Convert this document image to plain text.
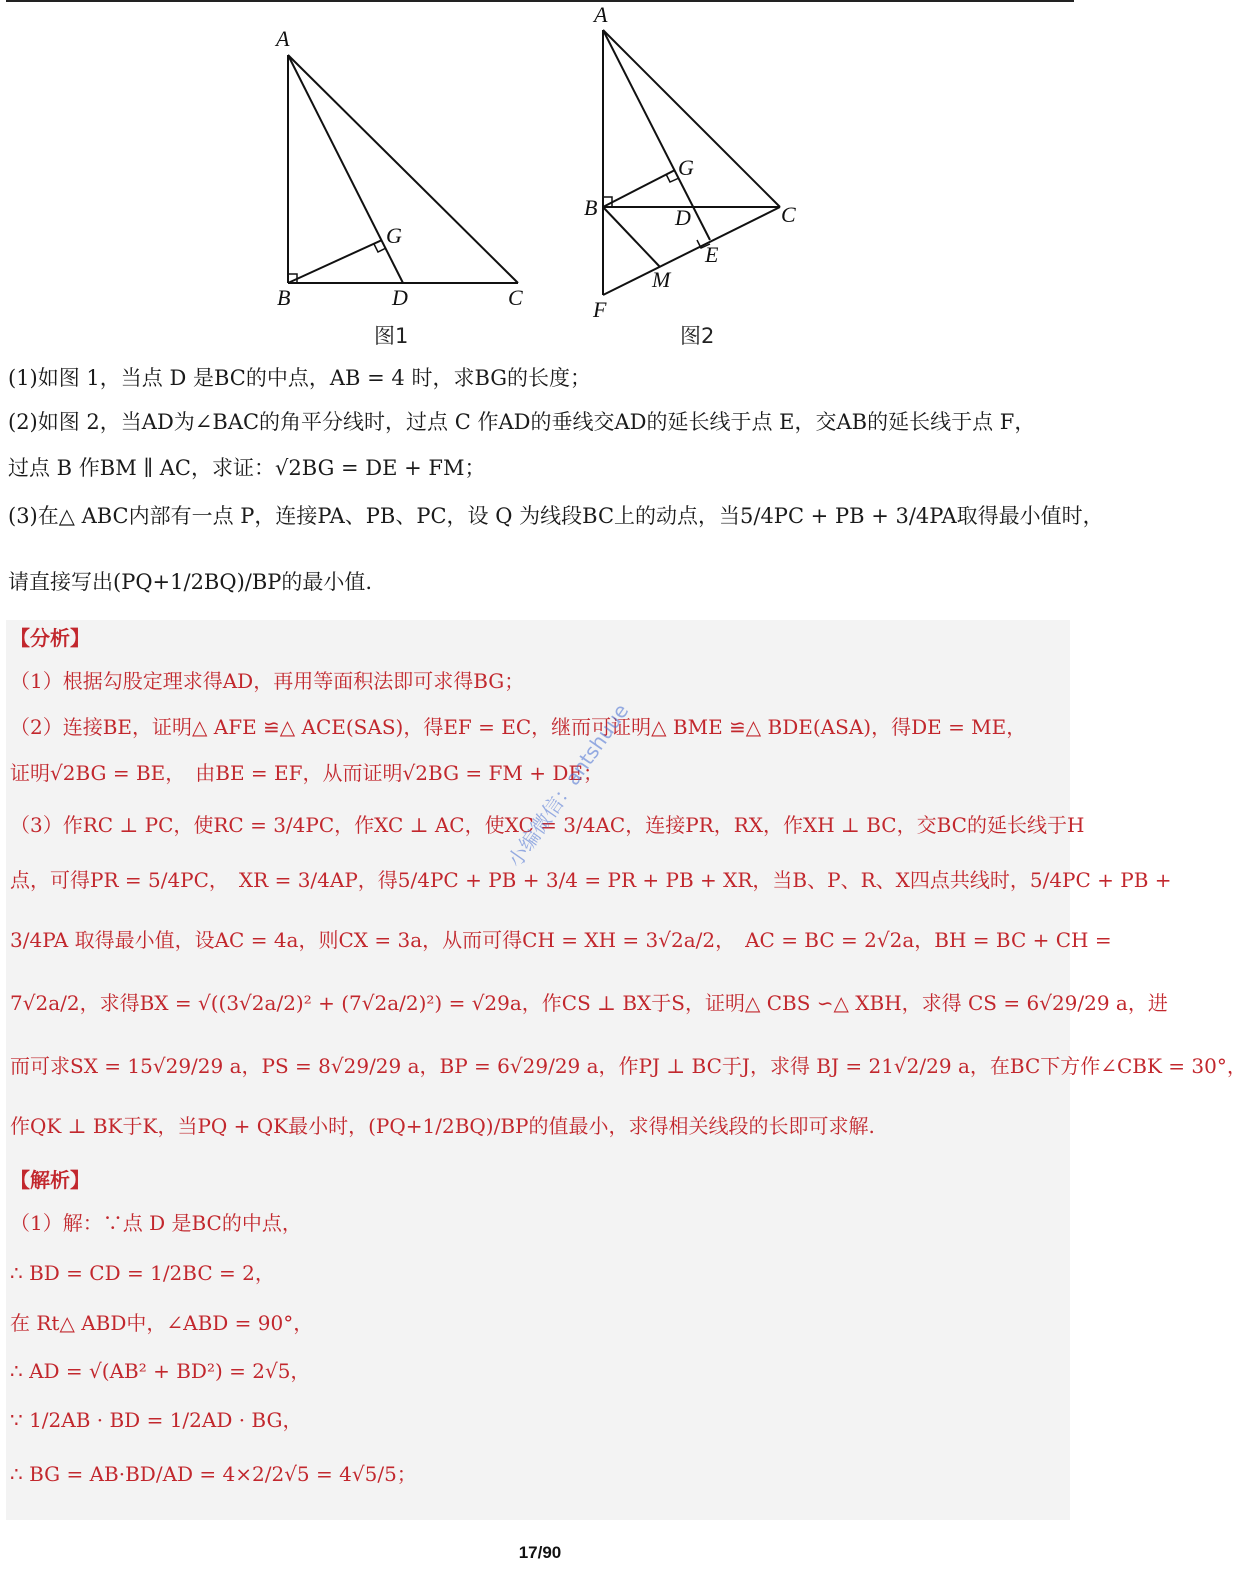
A
B	D	C
G
A
B	C
D
G
E
M
F
图1	图2

(1)如图 1，当点 D 是BC的中点，AB = 4 时，求BG的长度；

(2)如图 2，当AD为∠BAC的角平分线时，过点 C 作AD的垂线交AD的延长线于点 E，交AB的延长线于点 F，

过点 B 作BM ∥ AC，求证：√2BG = DE + FM；

(3)在△ ABC内部有一点 P，连接PA、PB、PC，设 Q 为线段BC上的动点，当5/4PC + PB + 3/4PA取得最小值时，

请直接写出(PQ+1/2BQ)/BP的最小值.

【分析】

（1）根据勾股定理求得AD，再用等面积法即可求得BG；

（2）连接BE，证明△ AFE ≌△ ACE(SAS)，得EF = EC，继而可证明△ BME ≌△ BDE(ASA)，得DE = ME，

证明√2BG = BE，　由BE = EF，从而证明√2BG = FM + DE；

（3）作RC ⊥ PC，使RC = 3/4PC，作XC ⊥ AC，使XC = 3/4AC，连接PR，RX，作XH ⊥ BC，交BC的延长线于H

点，可得PR = 5/4PC，　XR = 3/4AP，得5/4PC + PB + 3/4 = PR + PB + XR，当B、P、R、X四点共线时，5/4PC + PB +

3/4PA 取得最小值，设AC = 4a，则CX = 3a，从而可得CH = XH = 3√2a/2，　AC = BC = 2√2a，BH = BC + CH =

7√2a/2，求得BX = √((3√2a/2)² + (7√2a/2)²) = √29a，作CS ⊥ BX于S，证明△ CBS ∽△ XBH，求得 CS = 6√29/29 a，进

而可求SX = 15√29/29 a，PS = 8√29/29 a，BP = 6√29/29 a，作PJ ⊥ BC于J，求得 BJ = 21√2/29 a，在BC下方作∠CBK = 30°，

作QK ⊥ BK于K，当PQ + QK最小时，(PQ+1/2BQ)/BP的值最小，求得相关线段的长即可求解.

【解析】

（1）解：∵点 D 是BC的中点，

∴ BD = CD = 1/2BC = 2，

在 Rt△ ABD中，∠ABD = 90°，

∴ AD = √(AB² + BD²) = 2√5，

∵ 1/2AB · BD = 1/2AD · BG，

∴ BG = AB·BD/AD = 4×2/2√5 = 4√5/5；

小编微信：antshuue
17/90
